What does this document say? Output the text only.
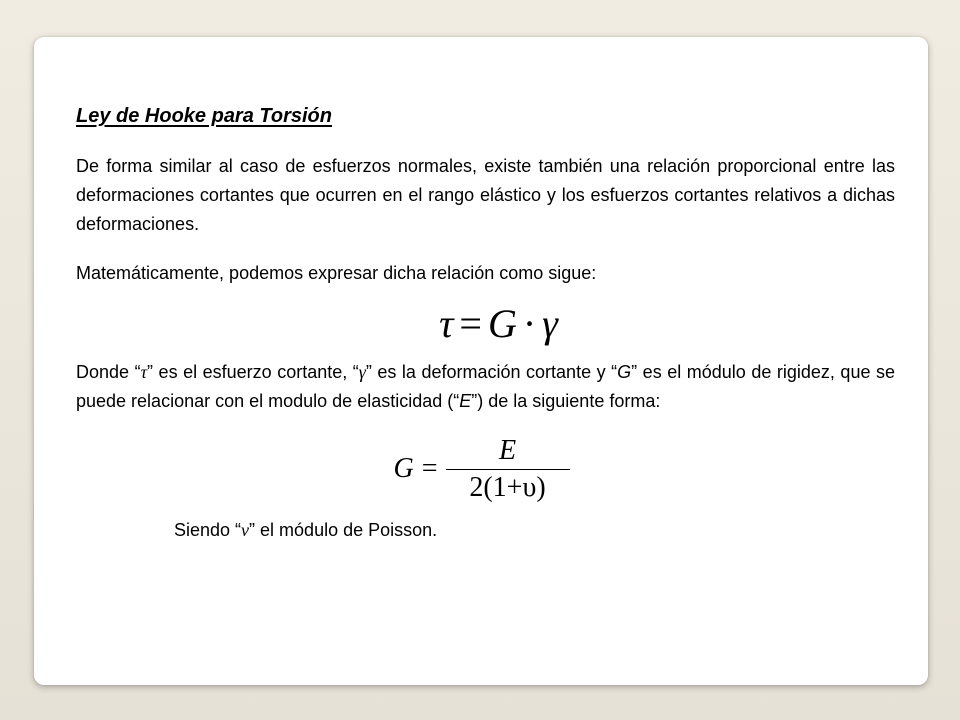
Ley de Hooke para Torsión

De forma similar al caso de esfuerzos normales, existe también una relación proporcional entre las deformaciones cortantes que ocurren en el rango elástico y los esfuerzos cortantes relativos a dichas deformaciones.

Matemáticamente, podemos expresar dicha relación como sigue:

τ = G · γ

Donde “τ” es el esfuerzo cortante, “γ” es la deformación cortante y “G” es el módulo de rigidez, que se puede relacionar con el modulo de elasticidad (“E”) de la siguiente forma:

$G = \frac{E}{2(1+\upsilon)}$

Siendo “ν” el módulo de Poisson.
